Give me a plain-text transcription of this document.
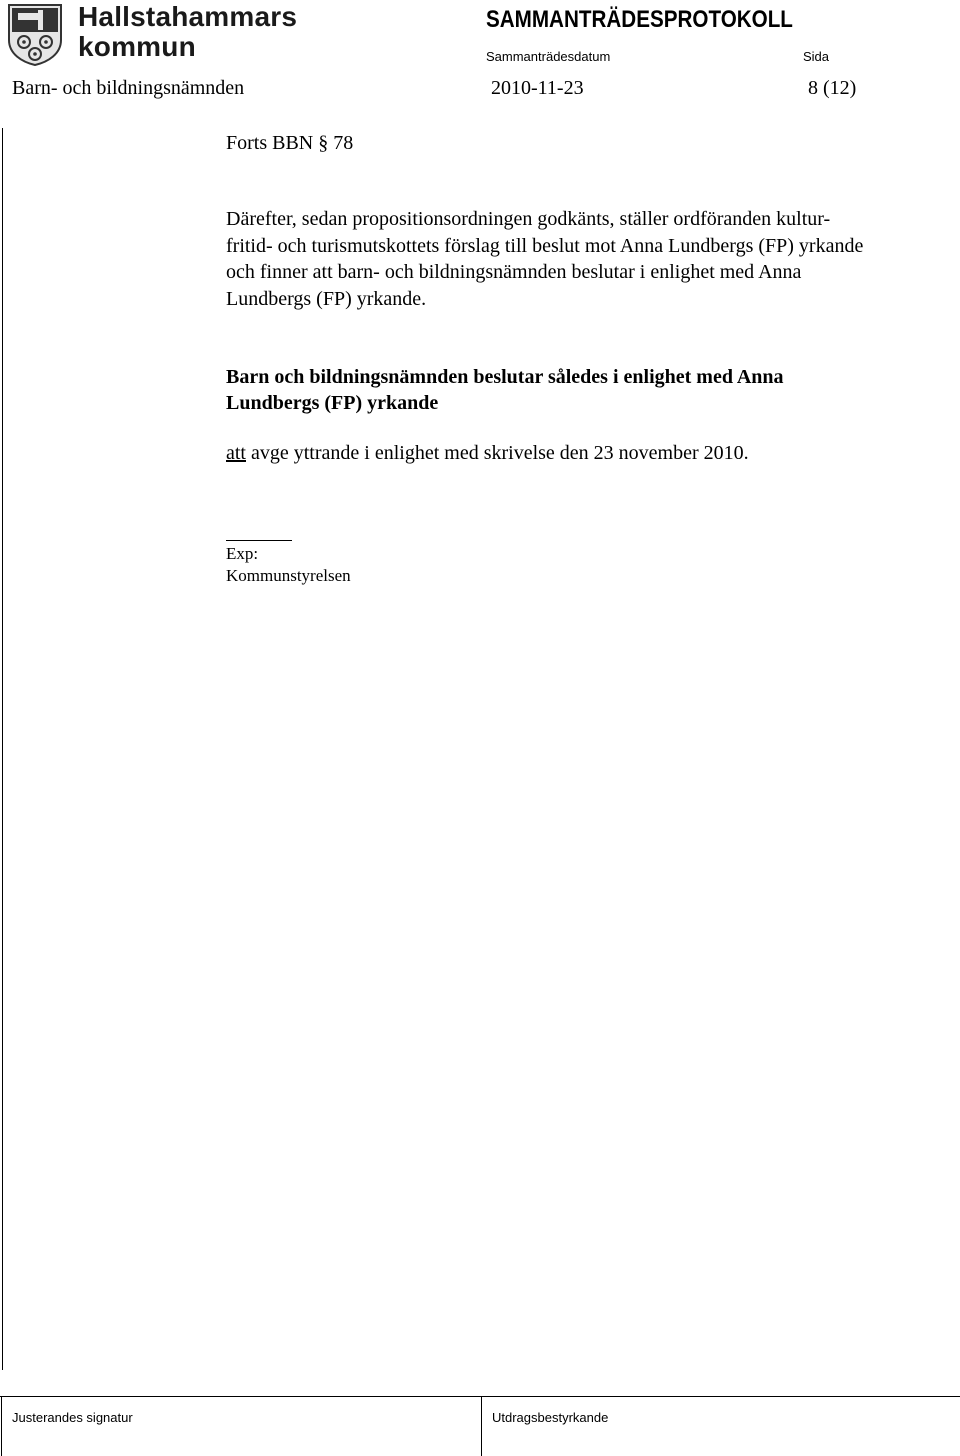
Hallstahammars
kommun
SAMMANTRÄDESPROTOKOLL
Sammanträdesdatum	Sida
Barn- och bildningsnämnden	2010-11-23	8 (12)
Forts BBN § 78
Därefter, sedan propositionsordningen godkänts, ställer ordföranden kultur-
fritid- och turismutskottets förslag till beslut mot Anna Lundbergs (FP) yrkande
och finner att barn- och bildningsnämnden beslutar i enlighet med Anna
Lundbergs (FP) yrkande.
Barn och bildningsnämnden beslutar således i enlighet med Anna
Lundbergs (FP) yrkande
att avge yttrande i enlighet med skrivelse den 23 november 2010.
Exp:
Kommunstyrelsen
Justerandes signatur	Utdragsbestyrkande
